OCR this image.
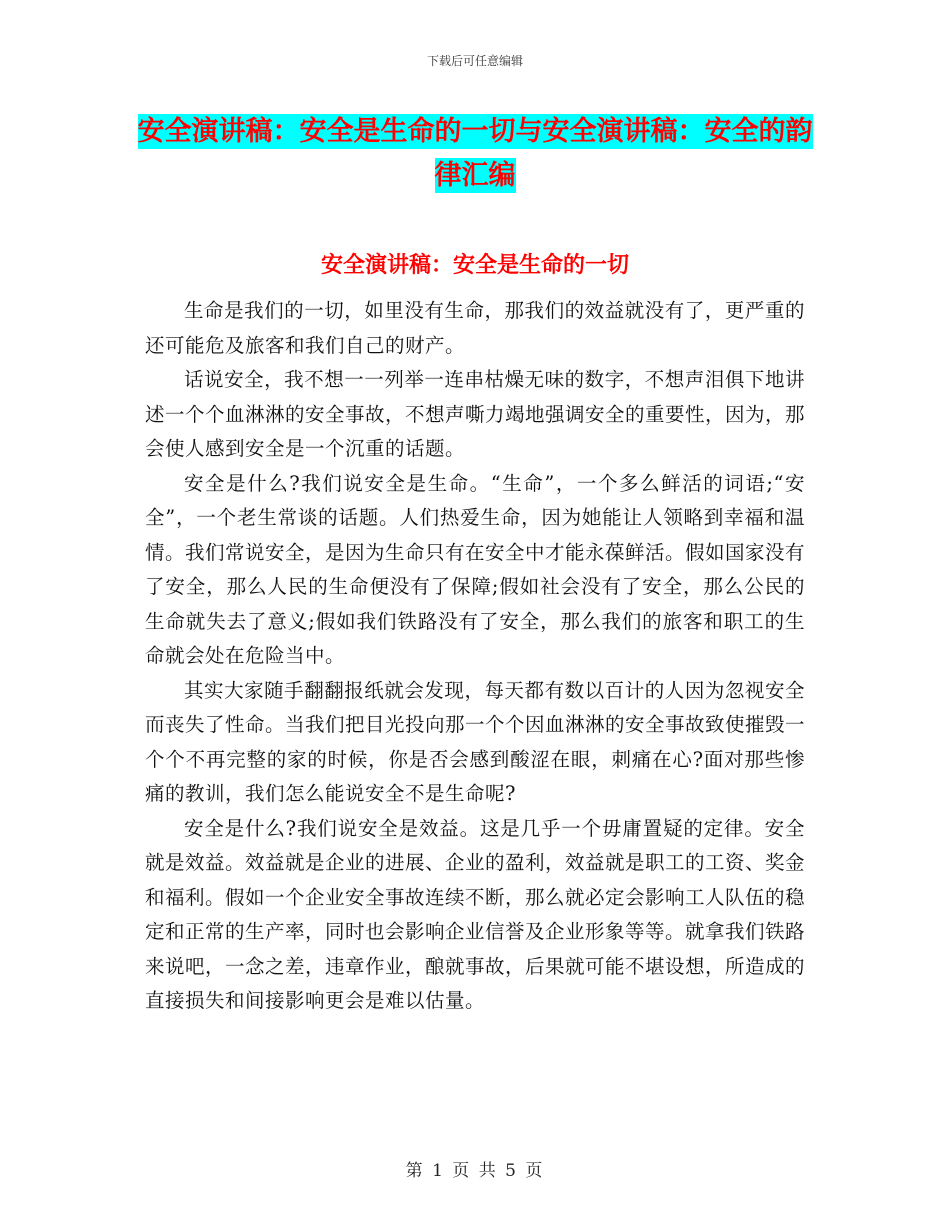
下载后可任意编辑
安全演讲稿：安全是生命的一切与安全演讲稿：安全的韵律汇编
安全演讲稿：安全是生命的一切

生命是我们的一切，如里没有生命，那我们的效益就没有了，更严重的还可能危及旅客和我们自己的财产。

话说安全，我不想一一列举一连串枯燥无味的数字，不想声泪俱下地讲述一个个血淋淋的安全事故，不想声嘶力竭地强调安全的重要性，因为，那会使人感到安全是一个沉重的话题。

安全是什么?我们说安全是生命。“生命”，一个多么鲜活的词语;“安全”，一个老生常谈的话题。人们热爱生命，因为她能让人领略到幸福和温情。我们常说安全，是因为生命只有在安全中才能永葆鲜活。假如国家没有了安全，那么人民的生命便没有了保障;假如社会没有了安全，那么公民的生命就失去了意义;假如我们铁路没有了安全，那么我们的旅客和职工的生命就会处在危险当中。

其实大家随手翻翻报纸就会发现，每天都有数以百计的人因为忽视安全而丧失了性命。当我们把目光投向那一个个因血淋淋的安全事故致使摧毁一个个不再完整的家的时候，你是否会感到酸涩在眼，刺痛在心?面对那些惨痛的教训，我们怎么能说安全不是生命呢?

安全是什么?我们说安全是效益。这是几乎一个毋庸置疑的定律。安全就是效益。效益就是企业的进展、企业的盈利，效益就是职工的工资、奖金和福利。假如一个企业安全事故连续不断，那么就必定会影响工人队伍的稳定和正常的生产率，同时也会影响企业信誉及企业形象等等。就拿我们铁路来说吧，一念之差，违章作业，酿就事故，后果就可能不堪设想，所造成的直接损失和间接影响更会是难以估量。

第 1 页 共 5 页
